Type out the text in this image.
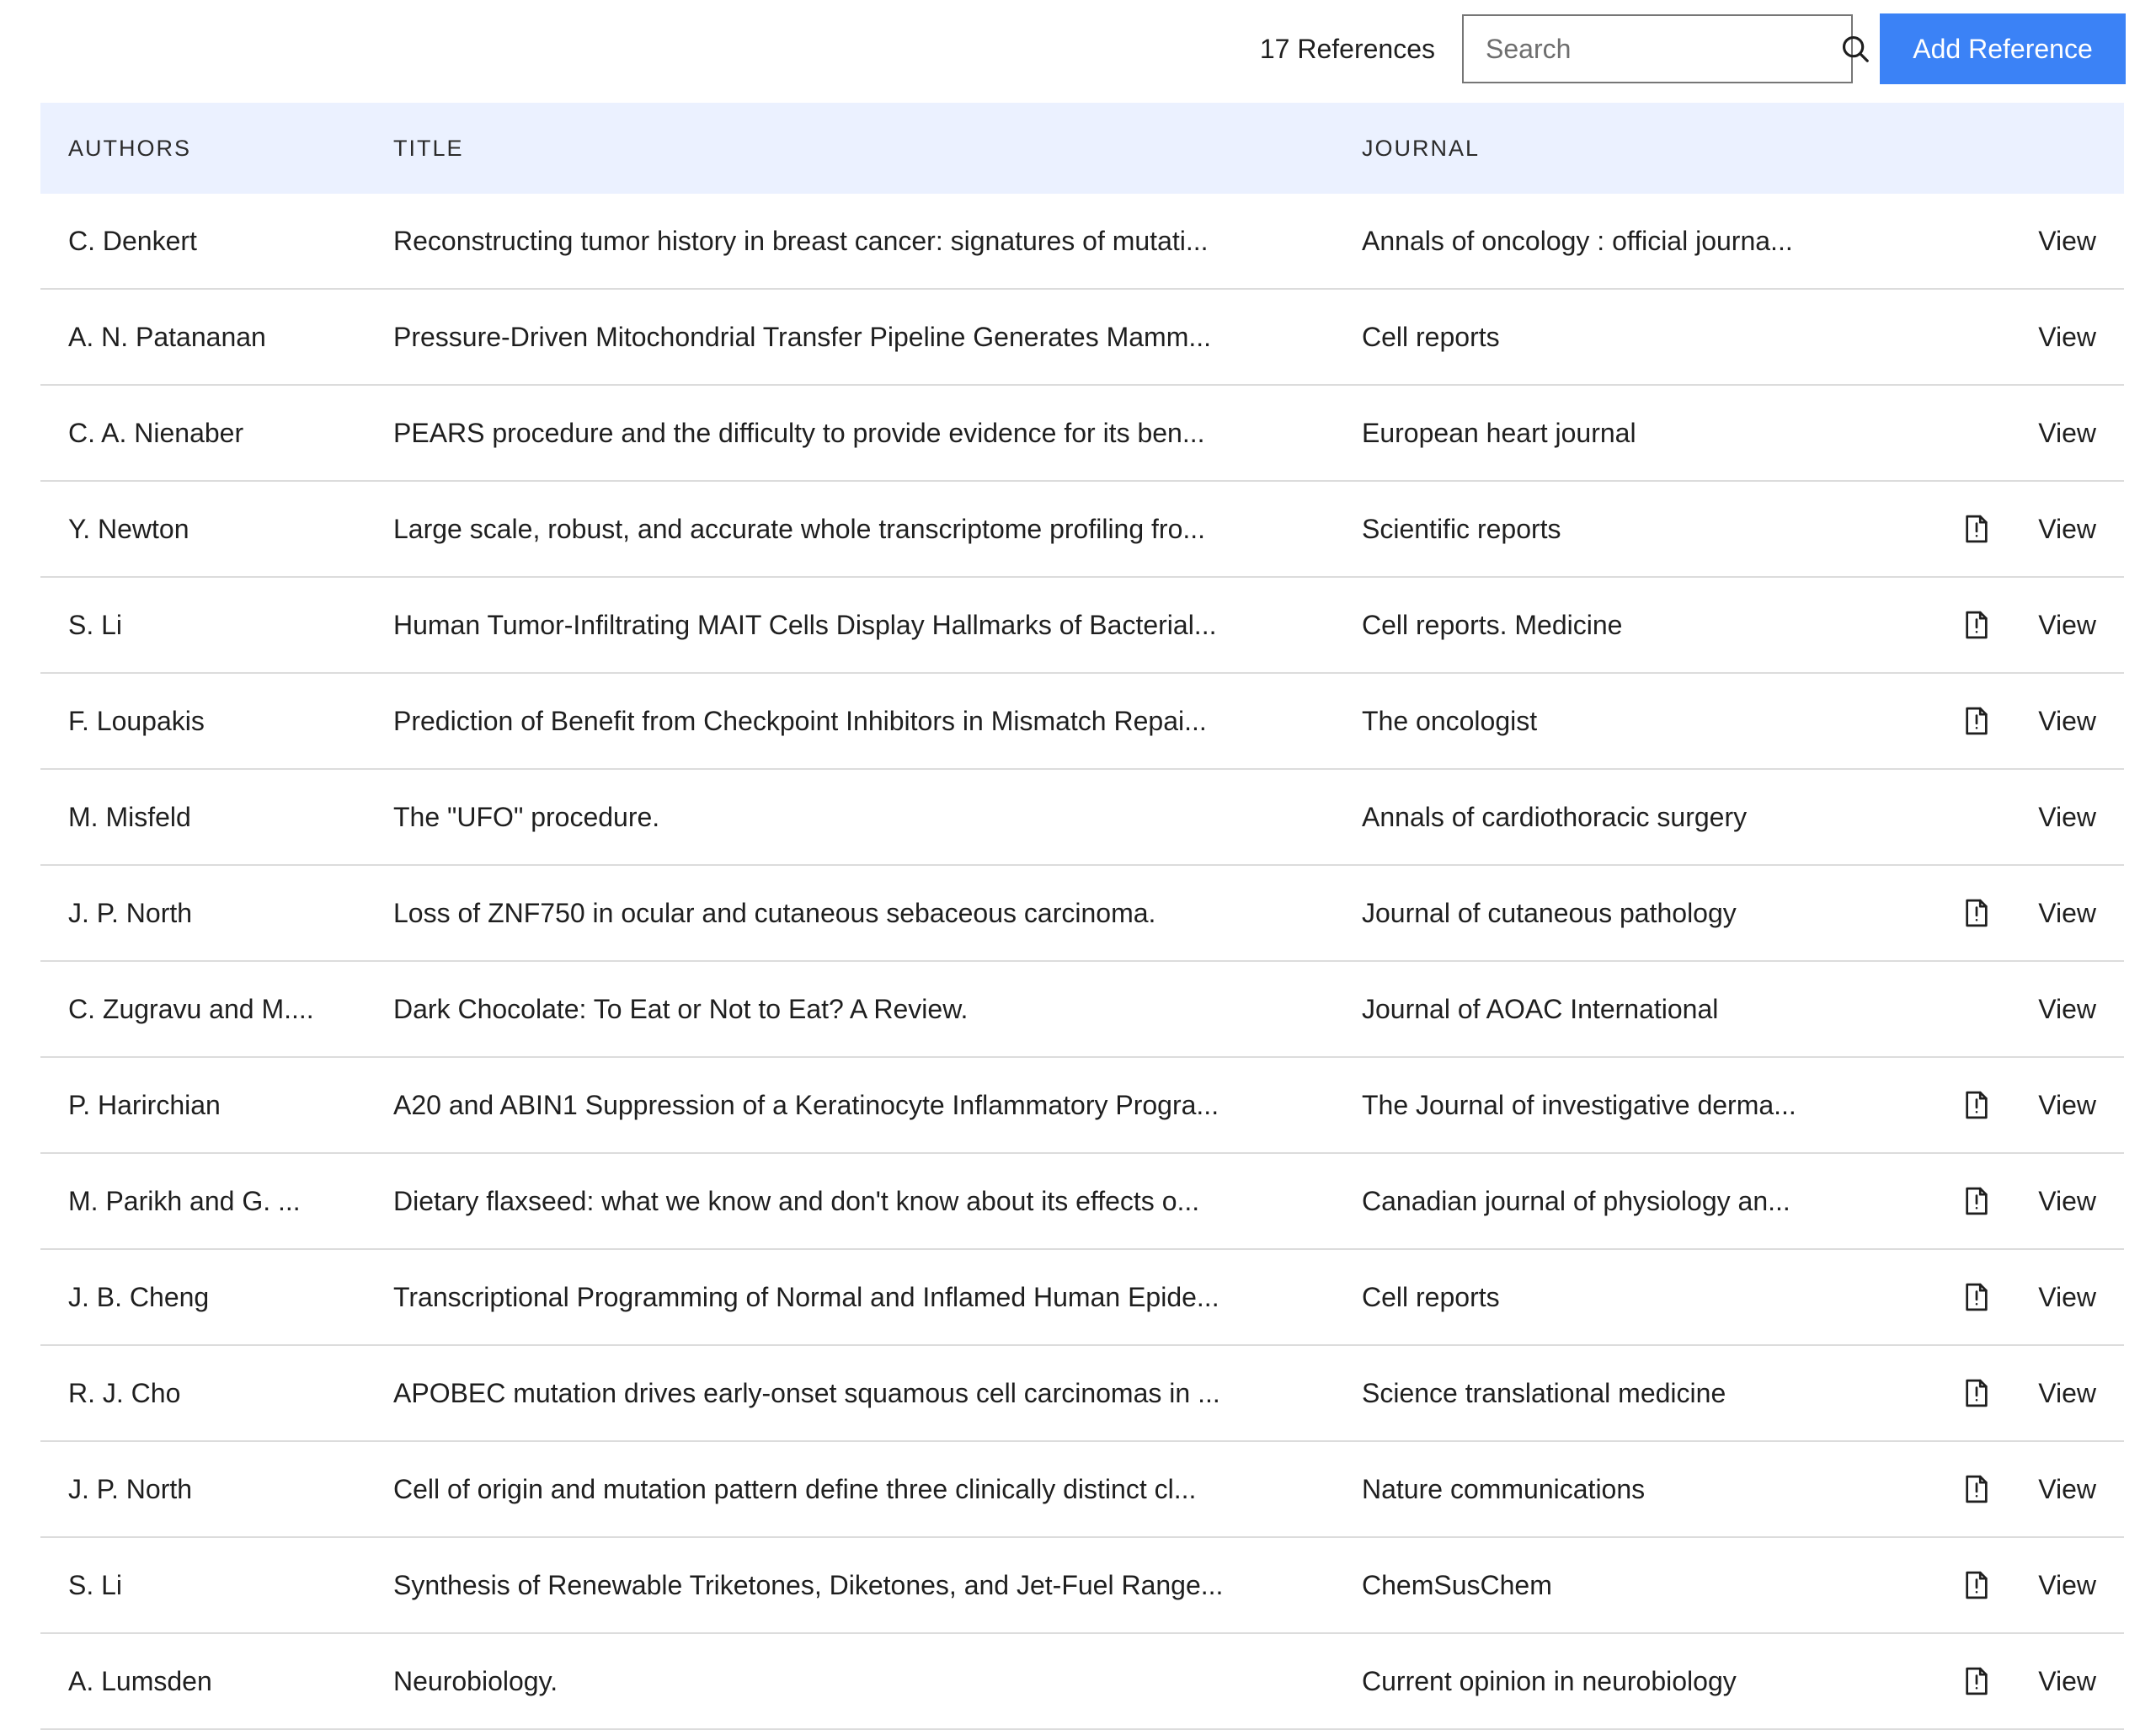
17 References
Search	Add Reference
AUTHORS	TITLE	JOURNAL
C. Denkert	Reconstructing tumor history in breast cancer: signatures of mutati...	Annals of oncology : official journa...	View
A. N. Patananan	Pressure-Driven Mitochondrial Transfer Pipeline Generates Mamm...	Cell reports	View
C. A. Nienaber	PEARS procedure and the difficulty to provide evidence for its ben...	European heart journal	View
Y. Newton	Large scale, robust, and accurate whole transcriptome profiling fro...	Scientific reports	View
S. Li	Human Tumor-Infiltrating MAIT Cells Display Hallmarks of Bacterial...	Cell reports. Medicine	View
F. Loupakis	Prediction of Benefit from Checkpoint Inhibitors in Mismatch Repai...	The oncologist	View
M. Misfeld	The "UFO" procedure.	Annals of cardiothoracic surgery	View
J. P. North	Loss of ZNF750 in ocular and cutaneous sebaceous carcinoma.	Journal of cutaneous pathology	View
C. Zugravu and M....	Dark Chocolate: To Eat or Not to Eat? A Review.	Journal of AOAC International	View
P. Harirchian	A20 and ABIN1 Suppression of a Keratinocyte Inflammatory Progra...	The Journal of investigative derma...	View
M. Parikh and G. ...	Dietary flaxseed: what we know and don't know about its effects o...	Canadian journal of physiology an...	View
J. B. Cheng	Transcriptional Programming of Normal and Inflamed Human Epide...	Cell reports	View
R. J. Cho	APOBEC mutation drives early-onset squamous cell carcinomas in ...	Science translational medicine	View
J. P. North	Cell of origin and mutation pattern define three clinically distinct cl...	Nature communications	View
S. Li	Synthesis of Renewable Triketones, Diketones, and Jet-Fuel Range...	ChemSusChem	View
A. Lumsden	Neurobiology.	Current opinion in neurobiology	View
